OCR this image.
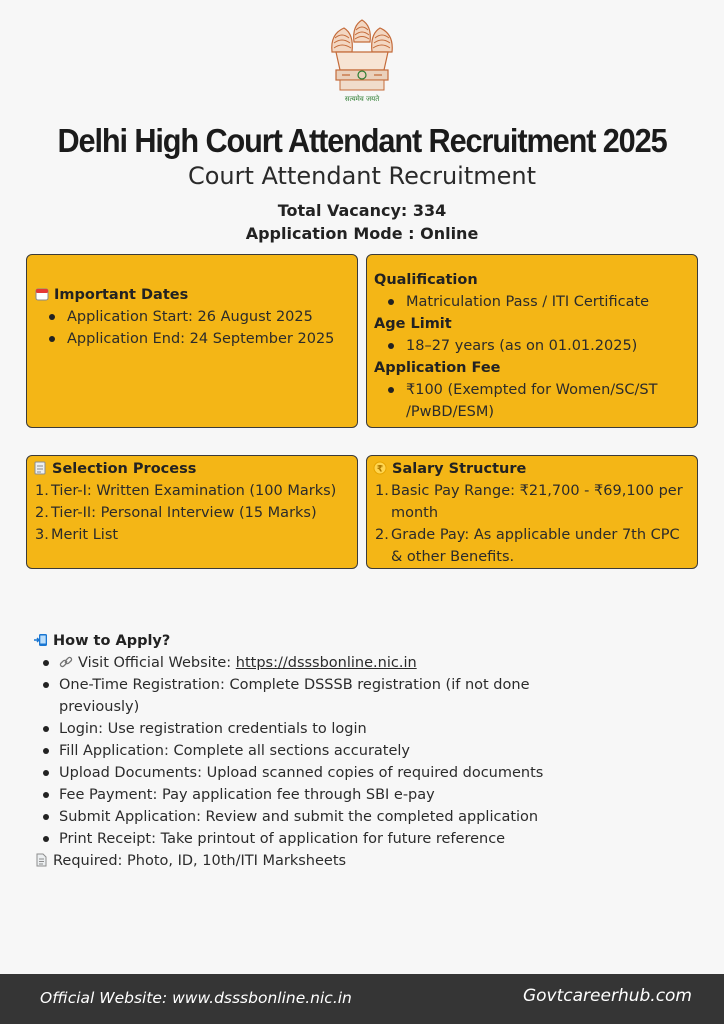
सत्यमेव जयते
Delhi High Court Attendant Recruitment 2025
Court Attendant Recruitment
Total Vacancy: 334
Application Mode : Online
Important Dates
Application Start: 26 August 2025
Application End: 24 September 2025
Qualification
Matriculation Pass / ITI Certificate
Age Limit
18–27 years (as on 01.01.2025)
Application Fee
₹100 (Exempted for Women/SC/ST /PwBD/ESM)
Selection Process
1. Tier-I: Written Examination (100 Marks)
2. Tier-II: Personal Interview (15 Marks)
3. Merit List
₹ Salary Structure
1. Basic Pay Range: ₹21,700 - ₹69,100 per month
2. Grade Pay: As applicable under 7th CPC & other Benefits.
How to Apply?
Visit Official Website: https://dsssbonline.nic.in
One-Time Registration: Complete DSSSB registration (if not done previously)
Login: Use registration credentials to login
Fill Application: Complete all sections accurately
Upload Documents: Upload scanned copies of required documents
Fee Payment: Pay application fee through SBI e-pay
Submit Application: Review and submit the completed application
Print Receipt: Take printout of application for future reference
Required: Photo, ID, 10th/ITI Marksheets
Official Website: www.dsssbonline.nic.in	Govtcareerhub.com
